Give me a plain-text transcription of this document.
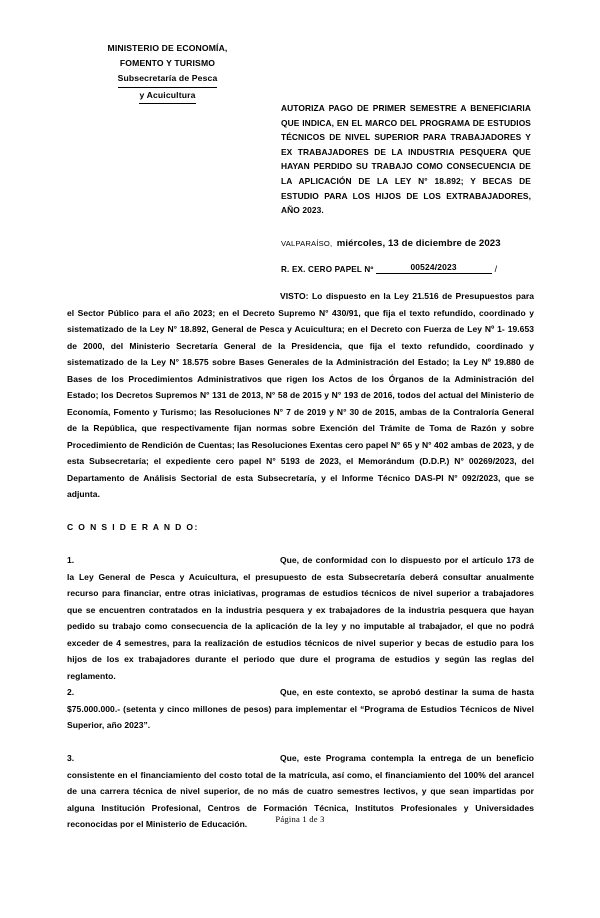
MINISTERIO DE ECONOMÍA,
FOMENTO Y TURISMO
Subsecretaría de Pesca
y Acuicultura
AUTORIZA PAGO DE PRIMER SEMESTRE A BENEFICIARIA QUE INDICA, EN EL MARCO DEL PROGRAMA DE ESTUDIOS TÉCNICOS DE NIVEL SUPERIOR PARA TRABAJADORES Y EX TRABAJADORES DE LA INDUSTRIA PESQUERA QUE HAYAN PERDIDO SU TRABAJO COMO CONSECUENCIA DE LA APLICACIÓN DE LA LEY N° 18.892; Y BECAS DE ESTUDIO PARA LOS HIJOS DE LOS EXTRABAJADORES, AÑO 2023.
VALPARAÍSO, miércoles, 13 de diciembre de 2023
R. EX. CERO PAPEL Nº	00524/2023	/

VISTO: Lo dispuesto en la Ley 21.516 de Presupuestos para el Sector Público para el año 2023; en el Decreto Supremo N° 430/91, que fija el texto refundido, coordinado y sistematizado de la Ley N° 18.892, General de Pesca y Acuicultura; en el Decreto con Fuerza de Ley Nº 1- 19.653 de 2000, del Ministerio Secretaría General de la Presidencia, que fija el texto refundido, coordinado y sistematizado de la Ley N° 18.575 sobre Bases Generales de la Administración del Estado; la Ley Nº 19.880 de Bases de los Procedimientos Administrativos que rigen los Actos de los Órganos de la Administración del Estado; los Decretos Supremos N° 131 de 2013, N° 58 de 2015 y N° 193 de 2016, todos del actual del Ministerio de Economía, Fomento y Turismo; las Resoluciones N° 7 de 2019 y N° 30 de 2015, ambas de la Contraloría General de la República, que respectivamente fijan normas sobre Exención del Trámite de Toma de Razón y sobre Procedimiento de Rendición de Cuentas; las Resoluciones Exentas cero papel N° 65 y N° 402 ambas de 2023, y de esta Subsecretaría; el expediente cero papel N° 5193 de 2023, el Memorándum (D.D.P.) N° 00269/2023, del Departamento de Análisis Sectorial de esta Subsecretaría, y el Informe Técnico DAS-PI N° 092/2023, que se adjunta.

C O N S I D E R A N D O:

1.	Que, de conformidad con lo dispuesto por el artículo 173 de la Ley General de Pesca y Acuicultura, el presupuesto de esta Subsecretaría deberá consultar anualmente recurso para financiar, entre otras iniciativas, programas de estudios técnicos de nivel superior a trabajadores que se encuentren contratados en la industria pesquera y ex trabajadores de la industria pesquera que hayan pedido su trabajo como consecuencia de la aplicación de la ley y no imputable al trabajador, el que no podrá exceder de 4 semestres, para la realización de estudios técnicos de nivel superior y becas de estudio para los hijos de los ex trabajadores durante el periodo que dure el programa de estudios y según las reglas del reglamento.

2.	Que, en este contexto, se aprobó destinar la suma de hasta $75.000.000.- (setenta y cinco millones de pesos) para implementar el “Programa de Estudios Técnicos de Nivel Superior, año 2023”.

3.	Que, este Programa contempla la entrega de un beneficio consistente en el financiamiento del costo total de la matrícula, así como, el financiamiento del 100% del arancel de una carrera técnica de nivel superior, de no más de cuatro semestres lectivos, y que sean impartidas por alguna Institución Profesional, Centros de Formación Técnica, Institutos Profesionales y Universidades reconocidas por el Ministerio de Educación.	Página 1 de 3
